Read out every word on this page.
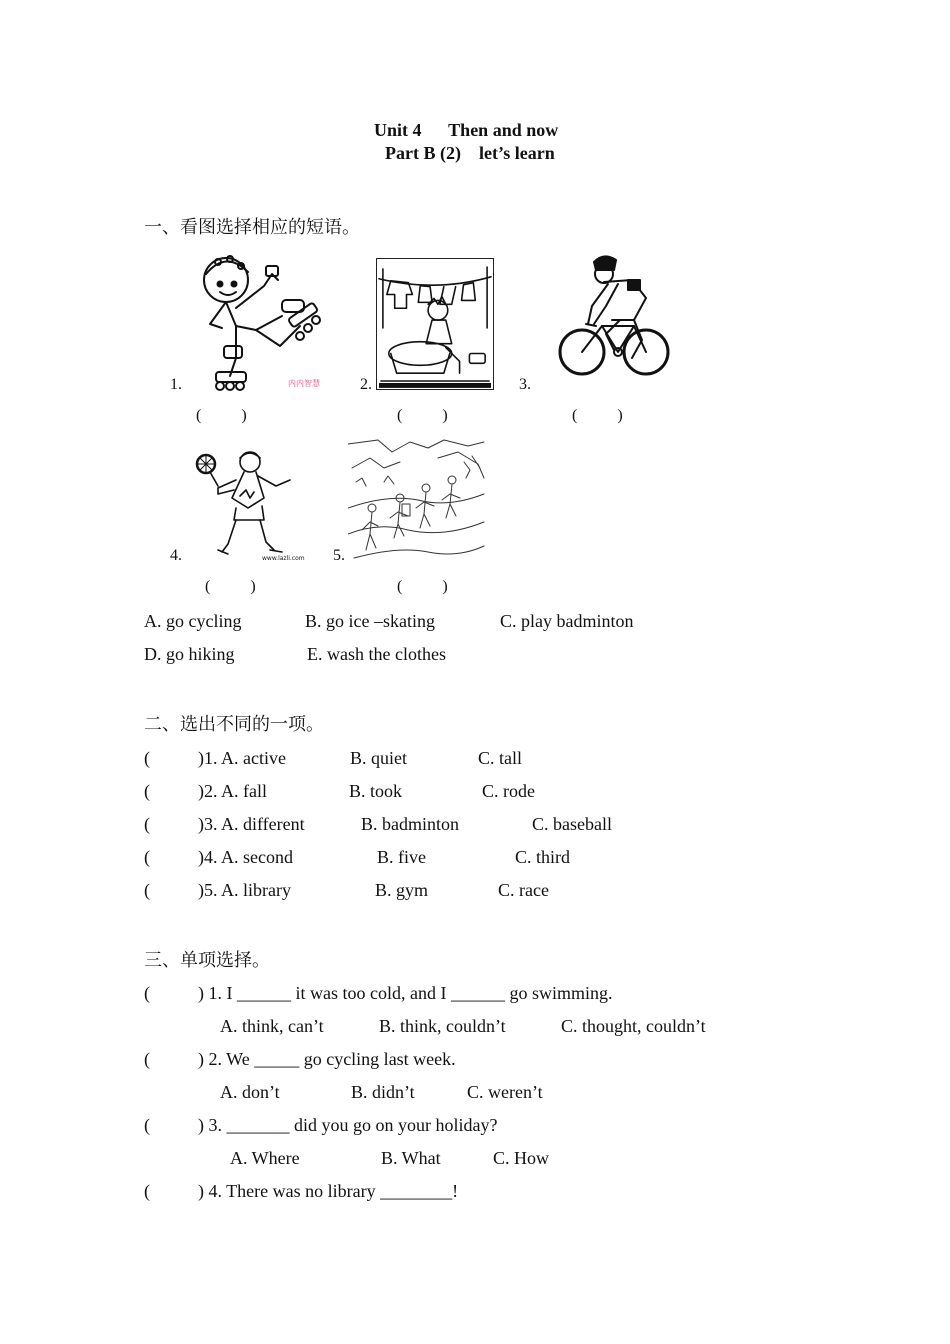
Unit 4      Then and now
Part B (2)    let’s learn
一、看图选择相应的短语。
内内智慧
1.	2.	3.
(          )	(          )	(          )
www.lazli.com
4.	5.
(          )	(          )
A. go cycling	B. go ice –skating	C. play badminton
D. go hiking	E. wash the clothes
二、选出不同的一项。
(	)1. A. active	B. quiet	C. tall
(	)2. A. fall	B. took	C. rode
(	)3. A. different	B. badminton	C. baseball
(	)4. A. second	B. five	C. third
(	)5. A. library	B. gym	C. race
三、单项选择。
(	) 1. I ______ it was too cold, and I ______ go swimming.
A. think, can’t	B. think, couldn’t	C. thought, couldn’t
(	) 2. We _____ go cycling last week.
A. don’t	B. didn’t	C. weren’t
(	) 3. _______ did you go on your holiday?
A. Where	B. What	C. How
(	) 4. There was no library ________!
